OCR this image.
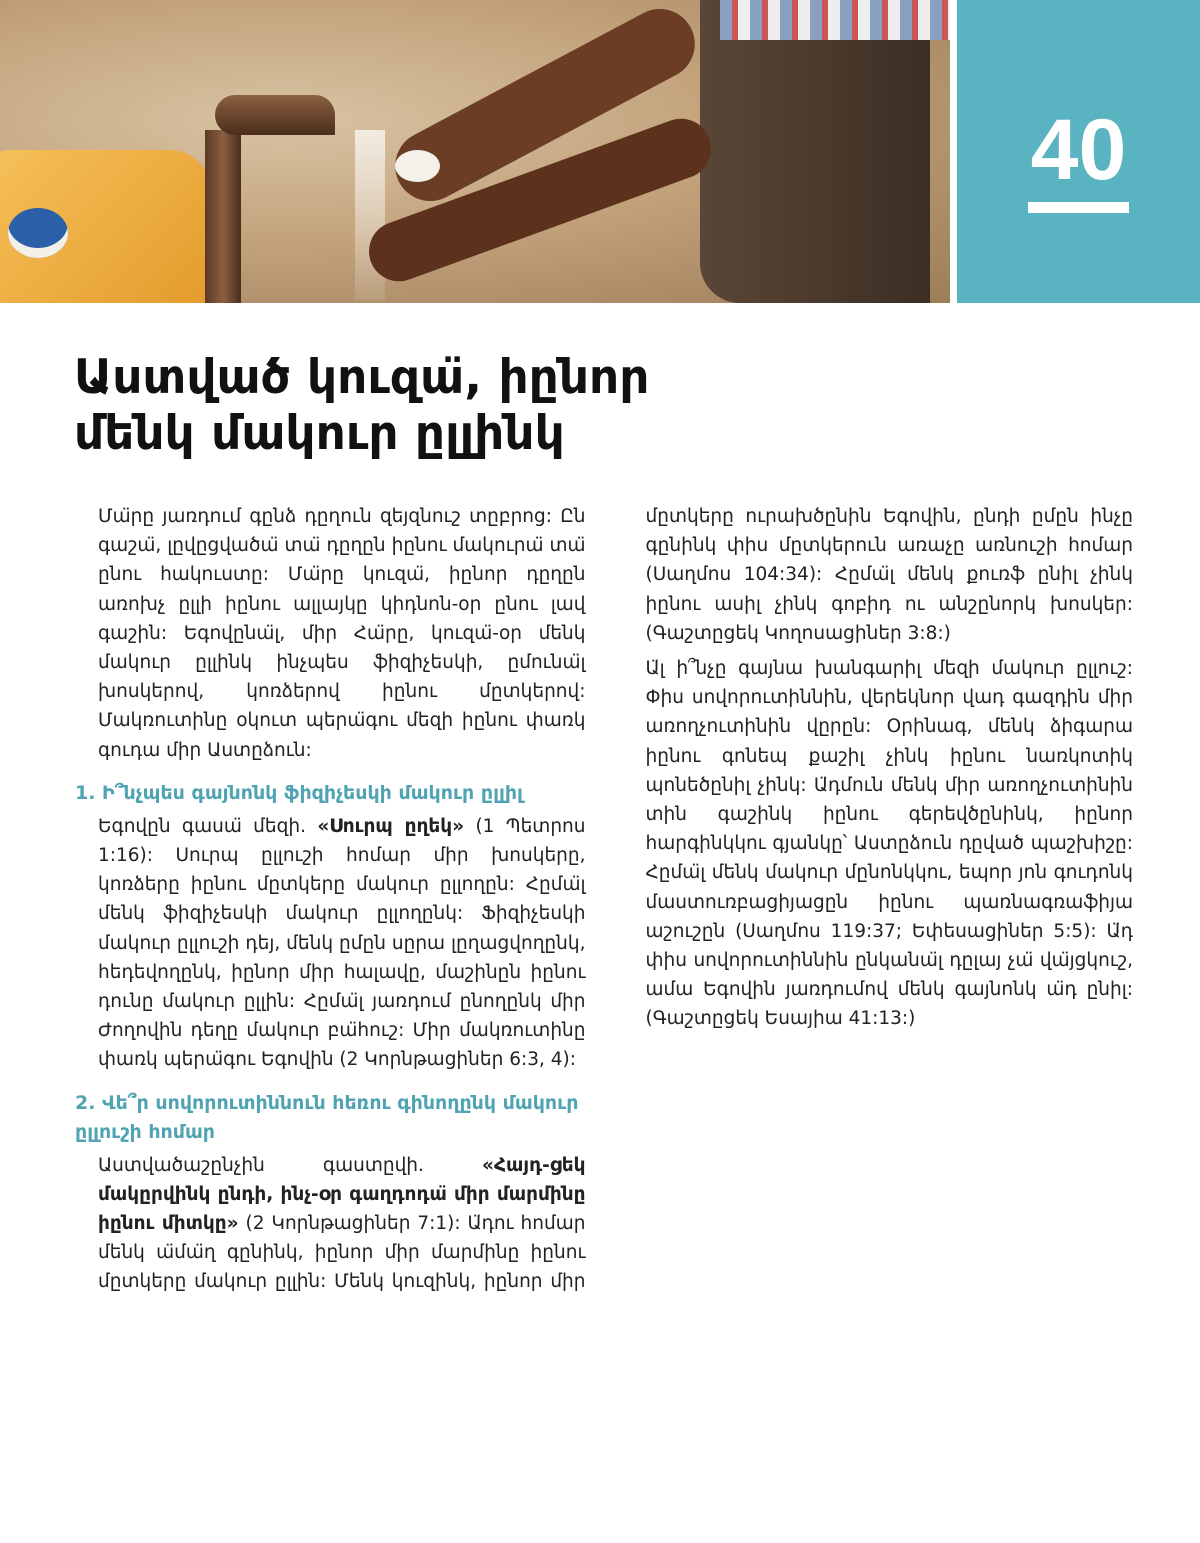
40
Աստված կուզա̈, իընոր մենկ մակուր ըլլինկ

Մա̈րը յառդում գընձ դըղուն զեյզնուշ տըբրոց: Ըն գաշա̈, լըվըցվածա̈ տա̈ դըղըն իընու մակուրա̈ տա̈ ընու հակուստը: Մա̈րը կուզա̈, իընոր դըղըն առոխչ ըլլի իընու ալլայկը կիդնոն-օր ընու լավ գաշին: Եգովընա̈լ, միր Հա̈րը, կուզա̈-օր մենկ մակուր ըլլինկ ինչպես ֆիզիչեսկի, ըմունա̈լ խոսկերով, կոռձերով իընու մըտկերով: Մակռուտինը օկուտ պերա̈գու մեզի իընու փառկ գուդա միր Աստըձուն:

1. Ի՞նչպես գայնոնկ ֆիզիչեսկի մակուր ըլլիլ

Եգովըն գասա̈ մեզի. «Սուրպ ըղեկ» (1 Պետրոս 1:16): Սուրպ ըլլուշի հոմար միր խոսկերը, կոռձերը իընու մըտկերը մակուր ըլլողըն: Հըմա̈լ մենկ ֆիզիչեսկի մակուր ըլլողընկ: Ֆիզիչեսկի մակուր ըլլուշի դեյ, մենկ ըմըն սըրա լըղացվողընկ, հեդեվողընկ, իընոր միր հալավը, մաշինըն իընու դունը մակուր ըլլին: Հըմա̈լ յառդում ընողընկ միր Ժողովին դեղը մակուր բա̈հուշ: Միր մակռուտինը փառկ պերա̈գու Եգովին (2 Կորնթացիներ 6:3, 4):

2. Վե՞ր սովորուտիննուն հեռու գինողընկ մակուր ըլլուշի հոմար

Աստվածաշընչին գաստըվի. «Հայդ-ցեկ մակըրվինկ ընդի, ինչ-օր գաղդոդա̈ միր մարմինը իընու միտկը» (2 Կորնթացիներ 7:1): Ա̈դու հոմար մենկ ա̈մա̈ղ գընինկ, իընոր միր մարմինը իընու մըտկերը մակուր ըլլին: Մենկ կուզինկ, իընոր միր մըտկերը ուրախծընին Եգովին, ընդի ըմըն ինչը գընինկ փիս մըտկերուն առաչը առնուշի հոմար (Սաղմոս 104:34): Հըմա̈լ մենկ քուռֆ ընիլ չինկ իընու ասիլ չինկ գոբիդ ու անշընորկ խոսկեր: (Գաշտըցեկ Կողոսացիներ 3:8:)

Ա̈լ ի՞նչը գայնա խանգարիլ մեզի մակուր ըլլուշ: Փիս սովորուտիննին, վերեկնոր վադ գազդին միր առողչուտինին վըրըն: Օրինագ, մենկ ձիգարա իընու գոնեպ քաշիլ չինկ իընու նառկոտիկ պոնեծընիլ չինկ: Ա̈դմուն մենկ միր առողչուտինին տին գաշինկ իընու գերեվծընինկ, իընոր հարգինկկու գյանկը՝ Աստըձուն դըված պաշխիշը: Հըմա̈լ մենկ մակուր մընոնկկու, եպոր յոն գուդոնկ մաստուռբացիյացըն իընու պառնագռաֆիյա աշուշըն (Սաղմոս 119:37; Եփեսացիներ 5:5): Ա̈դ փիս սովորուտիննին ընկանա̈լ դըլայ չա̈ վա̈յցկուշ, ամա Եգովին յառդումով մենկ գայնոնկ ա̈դ ընիլ: (Գաշտըցեկ Եսայիա 41:13:)
